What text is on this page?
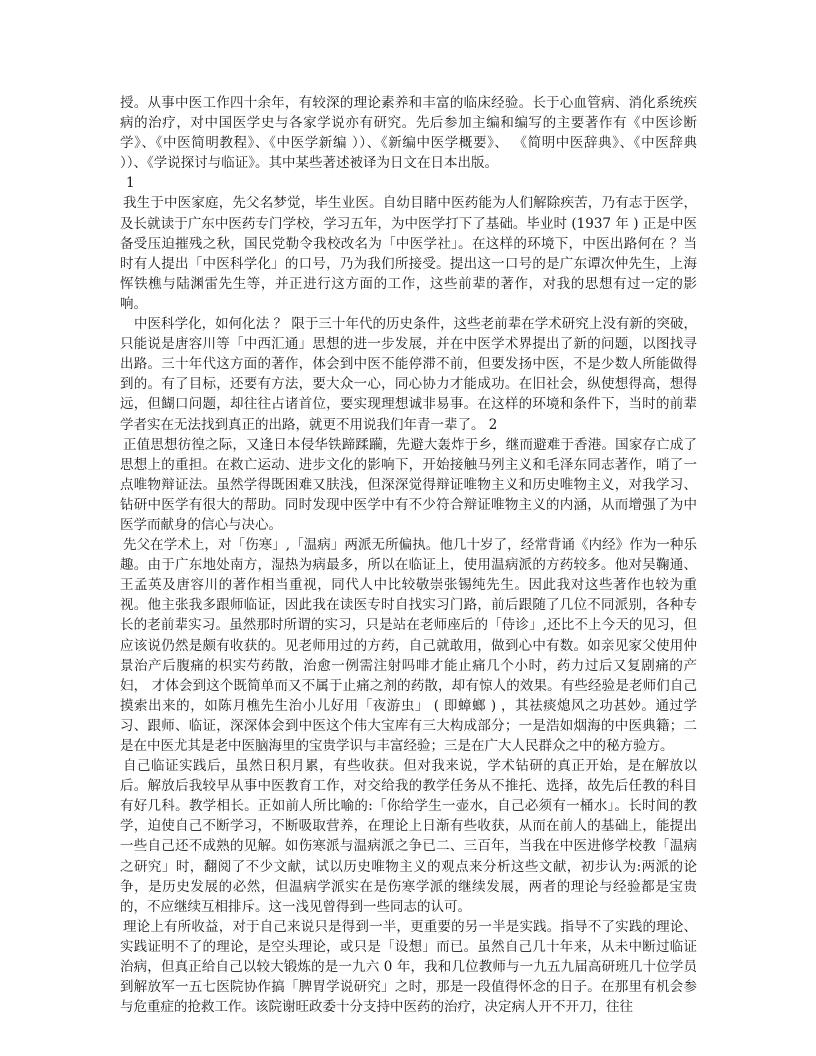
授。从事中医工作四十余年，有较深的理论素养和丰富的临床经验。长于心血管病、消化系统疾病的治疗，对中国医学史与各家学说亦有研究。先后参加主编和编写的主要著作有《中医诊断学》、《中医简明教程》、《中医学新编 ））、《新编中医学概要》、 《简明中医辞典》、《中医辞典 ））、《学说探讨与临证》。其中某些著述被译为日文在日本出版。

1

我生于中医家庭，先父名梦觉，毕生业医。自幼目睹中医药能为人们解除疾苦，乃有志于医学，及长就读于广东中医药专门学校，学习五年，为中医学打下了基础。毕业时 (1937 年 ) 正是中医备受压迫摧残之秋，国民党勒令我校改名为「中医学社」。在这样的环境下，中医出路何在 ？当时有人提出「中医科学化」的口号，乃为我们所接受。提出这一口号的是广东谭次仲先生，上海恽铁樵与陆渊雷先生等，并正进行这方面的工作，这些前辈的著作，对我的思想有过一定的影响。

中医科学化，如何化法 ？ 限于三十年代的历史条件，这些老前辈在学术研究上没有新的突破，只能说是唐容川等「中西汇通」思想的进一步发展，并在中医学术界提出了新的问题，以图找寻出路。三十年代这方面的著作，体会到中医不能停滞不前，但要发扬中医，不是少数人所能做得到的。有了目标，还要有方法，要大众一心，同心协力才能成功。在旧社会，纵使想得高，想得远，但餬口问题，却往往占诸首位，要实现理想诚非易事。在这样的环境和条件下，当时的前辈学者实在无法找到真正的出路，就更不用说我们年青一辈了。 2

正值思想彷徨之际，又逢日本侵华铁蹄蹂躏，先避大轰炸于乡，继而避难于香港。国家存亡成了思想上的重担。在救亡运动、进步文化的影响下，开始接触马列主义和毛泽东同志著作，哨了一点唯物辩证法。虽然学得既困难又肤浅，但深深觉得辩证唯物主义和历史唯物主义，对我学习、钻研中医学有很大的帮助。同时发现中医学中有不少符合辩证唯物主义的内涵，从而增强了为中医学而献身的信心与决心。

先父在学术上，对「伤寒」,「温病」两派无所偏执。他几十岁了，经常背诵《内经》作为一种乐趣。由于广东地处南方，湿热为病最多，所以在临证上，使用温病派的方药较多。他对吴鞠通、王孟英及唐容川的著作相当重视，同代人中比较敬崇张锡纯先生。因此我对这些著作也较为重视。他主张我多跟师临证，因此我在读医专时自找实习门路，前后跟随了几位不同派别，各种专长的老前辈实习。虽然那时所谓的实习，只是站在老师座后的「侍诊」,还比不上今天的见习，但应该说仍然是颇有收获的。见老师用过的方药，自己就敢用，做到心中有数。如亲见家父使用仲景治产后腹痛的枳实芍药散，治愈一例需注射吗啡才能止痛几个小时，药力过后又复剧痛的产妇， 才体会到这个既简单而又不属于止痛之剂的药散，却有惊人的效果。有些经验是老师们自己摸索出来的，如陈月樵先生治小儿好用「夜游虫」 ( 即蟑螂 ) ，其祛痰熄风之功甚妙。通过学习、跟师、临证，深深体会到中医这个伟大宝库有三大构成部分；一是浩如烟海的中医典籍；二是在中医尤其是老中医脑海里的宝贵学识与丰富经验；三是在广大人民群众之中的秘方验方。

自己临证实践后，虽然日积月累，有些收获。但对我来说，学术钻研的真正开始，是在解放以后。解放后我较早从事中医教育工作，对交给我的教学任务从不推托、选择，故先后任教的科目有好几科。教学相长。正如前人所比喻的:「你给学生一壶水，自己必须有一桶水」。长时间的教学，迫使自己不断学习，不断吸取营养，在理论上日渐有些收获，从而在前人的基础上，能提出一些自己还不成熟的见解。如伤寒派与温病派之争已二、三百年，当我在中医进修学校教「温病之研究」时，翻阅了不少文献，试以历史唯物主义的观点来分析这些文献，初步认为:两派的论争，是历史发展的必然，但温病学派实在是伤寒学派的继续发展，两者的理论与经验都是宝贵的，不应继续互相排斥。这一浅见曾得到一些同志的认可。

理论上有所收益，对于自己来说只是得到一半，更重要的另一半是实践。指导不了实践的理论、实践证明不了的理论，是空头理论，或只是「设想」而已。虽然自己几十年来，从未中断过临证治病，但真正给自己以较大锻炼的是一九六 0 年，我和几位教师与一九五九届高研班几十位学员到解放军一五七医院协作搞「脾胃学说研究」之时，那是一段值得怀念的日子。在那里有机会参与危重症的抢救工作。该院谢旺政委十分支持中医药的治疗，决定病人开不开刀，往往
